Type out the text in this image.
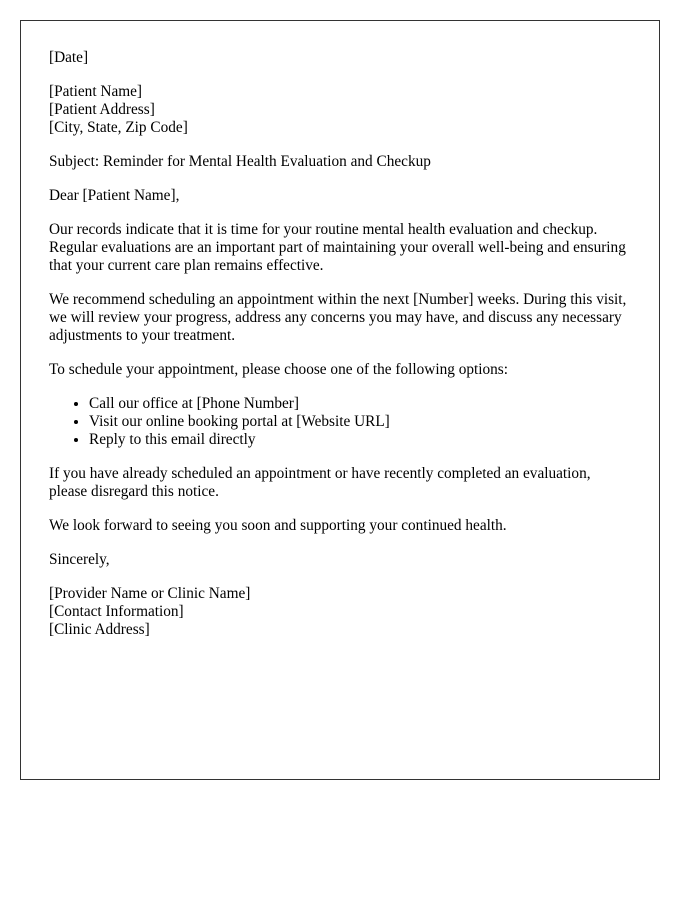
[Date]

[Patient Name]
[Patient Address]
[City, State, Zip Code]

Subject: Reminder for Mental Health Evaluation and Checkup

Dear [Patient Name],

Our records indicate that it is time for your routine mental health evaluation and checkup. Regular evaluations are an important part of maintaining your overall well-being and ensuring that your current care plan remains effective.

We recommend scheduling an appointment within the next [Number] weeks. During this visit, we will review your progress, address any concerns you may have, and discuss any necessary adjustments to your treatment.

To schedule your appointment, please choose one of the following options:

• Call our office at [Phone Number]
• Visit our online booking portal at [Website URL]
• Reply to this email directly

If you have already scheduled an appointment or have recently completed an evaluation, please disregard this notice.

We look forward to seeing you soon and supporting your continued health.

Sincerely,

[Provider Name or Clinic Name]
[Contact Information]
[Clinic Address]
